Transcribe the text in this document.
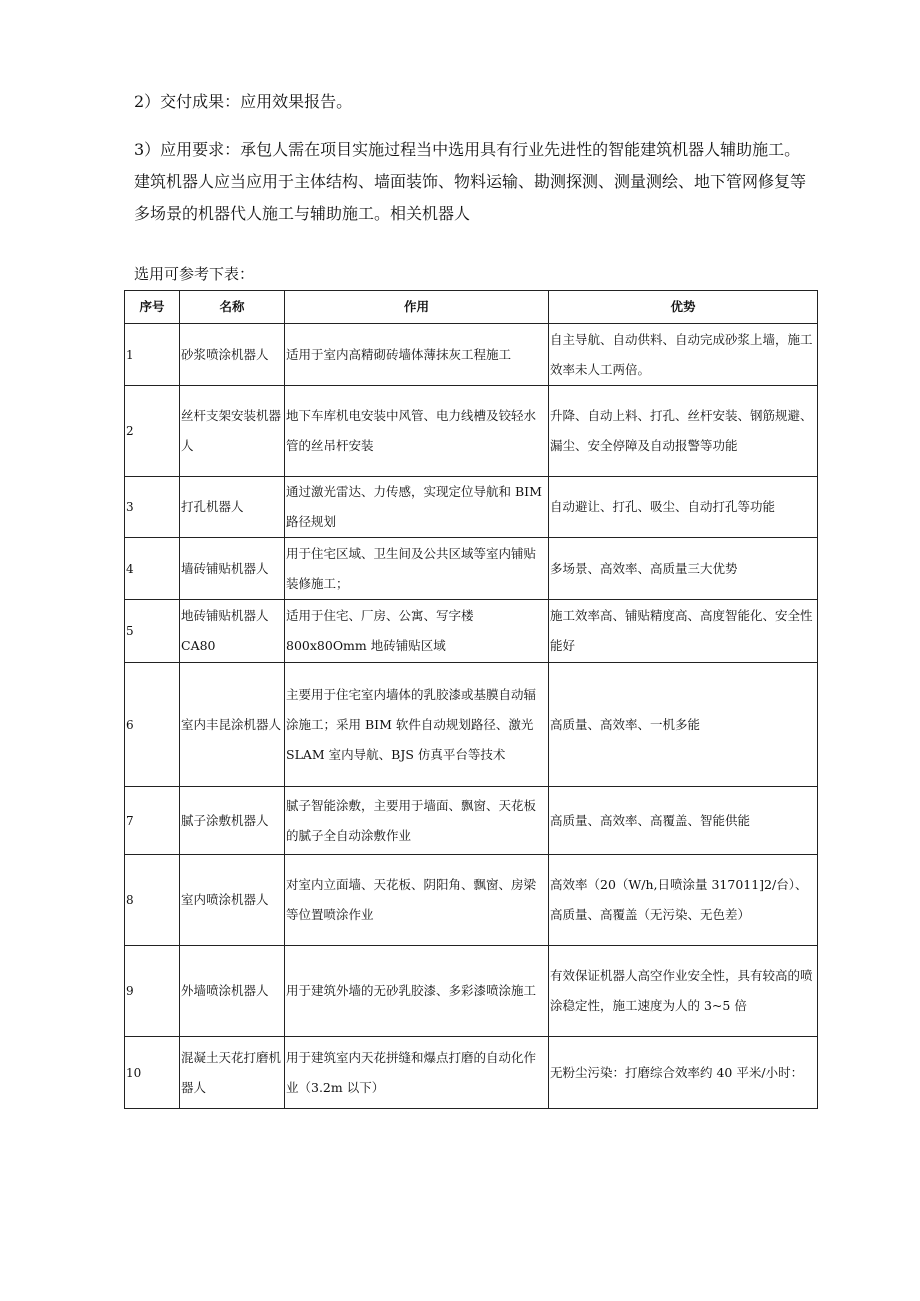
2）交付成果：应用效果报告。

3）应用要求：承包人需在项目实施过程当中选用具有行业先进性的智能建筑机器人辅助施工。建筑机器人应当应用于主体结构、墙面装饰、物料运输、勘测探测、测量测绘、地下管网修复等多场景的机器代人施工与辅助施工。相关机器人

选用可参考下表：

序号	名称	作用	优势
1	砂浆喷涂机器人	适用于室内高精砌砖墙体薄抹灰工程施工	自主导航、自动供料、自动完成砂浆上墙，施工效率未人工两倍。
2	丝杆支架安装机器人	地下车库机电安装中风管、电力线槽及铰轻水管的丝吊杆安装	升降、自动上料、打孔、丝杆安装、钢筋规避、漏尘、安全停障及自动报警等功能
3	打孔机器人	通过激光雷达、力传感，实现定位导航和 BIM 路径规划	自动避让、打孔、吸尘、自动打孔等功能
4	墙砖铺贴机器人	用于住宅区域、卫生间及公共区域等室内铺贴装修施工；	多场景、高效率、高质量三大优势
5	地砖铺贴机器人 CA80	适用于住宅、厂房、公寓、写字楼800x80Omm 地砖铺贴区域	施工效率高、铺贴精度高、高度智能化、安全性能好
6	室内丰昆涂机器人	主要用于住宅室内墙体的乳胶漆或基膜自动辐涂施工；采用 BIM 软件自动规划路径、激光SLAM 室内导航、BJS 仿真平台等技术	高质量、高效率、一机多能
7	腻子涂敷机器人	腻子智能涂敷，主要用于墙面、飘窗、天花板的腻子全自动涂敷作业	高质量、高效率、高覆盖、智能供能
8	室内喷涂机器人	对室内立面墙、天花板、阴阳角、飘窗、房梁等位置喷涂作业	高效率（20（W/h,日喷涂量 317011]2/台）、高质量、高覆盖（无污染、无色差）
9	外墙喷涂机器人	用于建筑外墙的无砂乳胶漆、多彩漆喷涂施工	有效保证机器人高空作业安全性，具有较高的喷涂稳定性，施工速度为人的 3~5 倍
10	混凝土天花打磨机器人	用于建筑室内天花拼缝和爆点打磨的自动化作业（3.2m 以下）	无粉尘污染：打磨综合效率约 40 平米/小时：
